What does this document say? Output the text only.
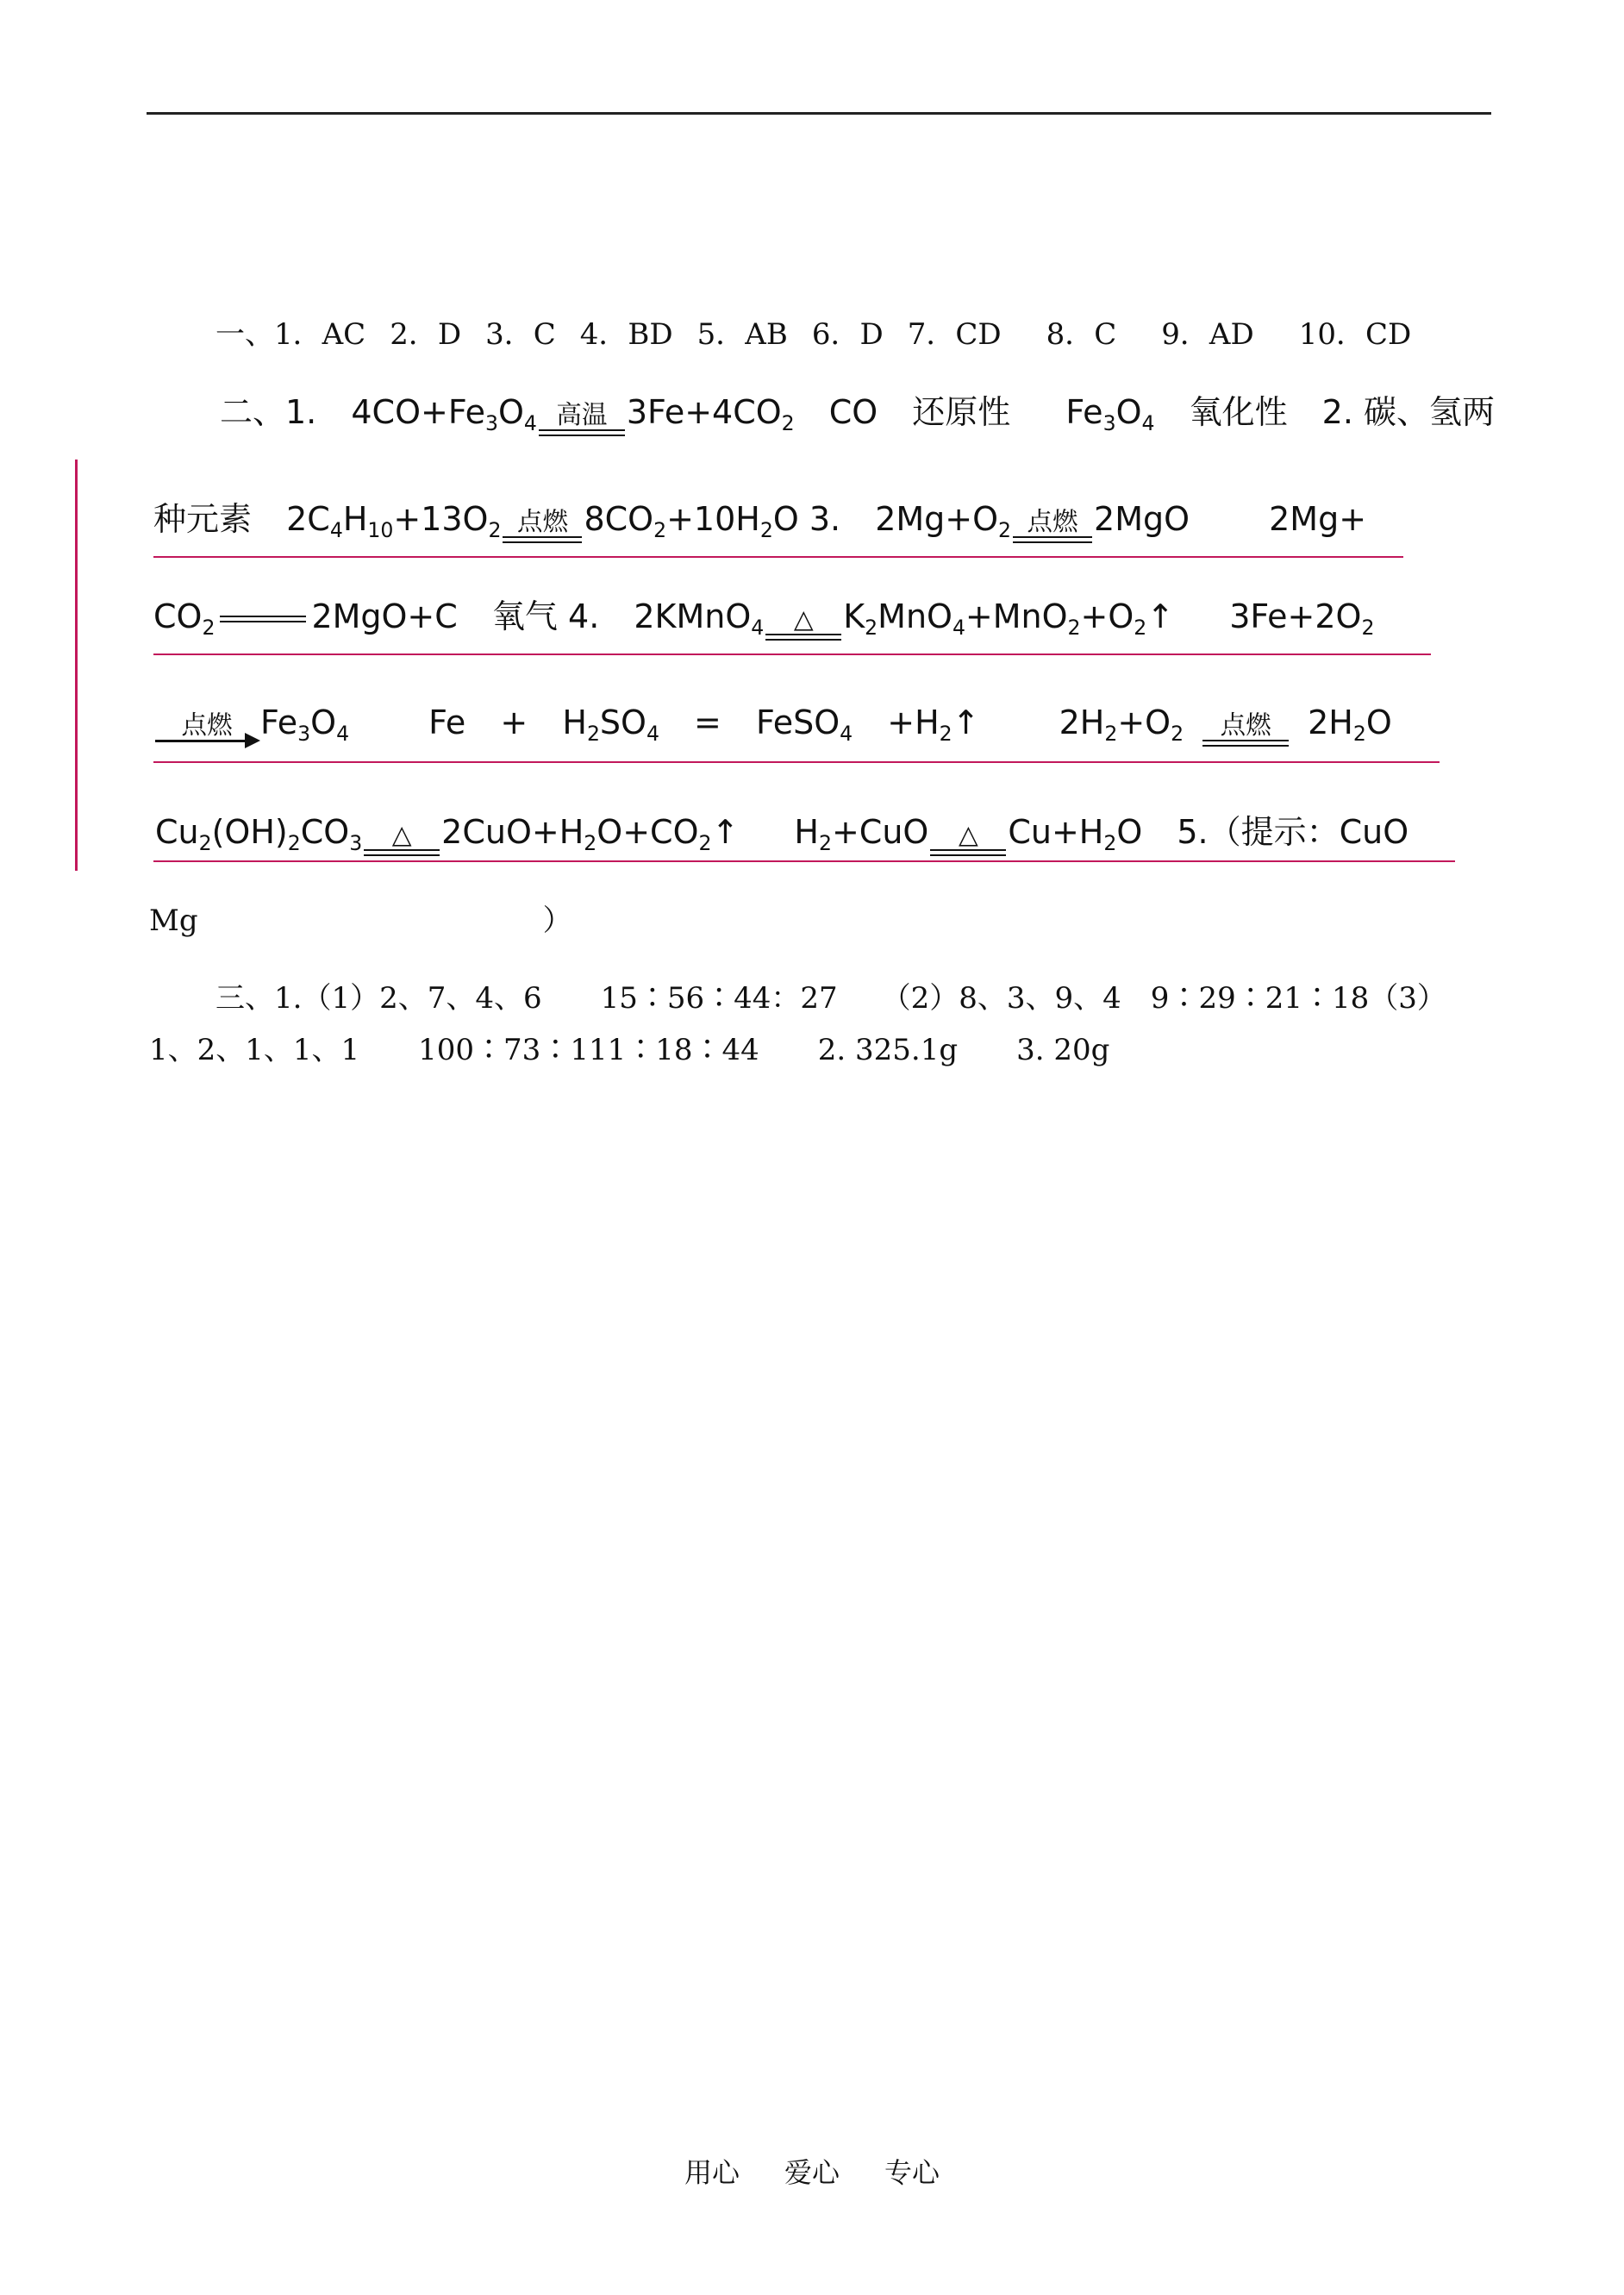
一、1．AC 2．D 3．C 4．BD 5．AB 6．D 7．CD 8．C 9．AD 10．CD
二、1. $4CO+Fe_3O_4$ 高温 $3Fe+4CO_2$ CO 还原性 $Fe_3O_4$ 氧化性 2. 碳、氢两
种元素 $2C_4H_{10}+13O_2$ 点燃 $8CO_2+10H_2O$ 3. $2Mg+O_2$ 点燃 2MgO 2Mg+
$CO_2$	2MgO+C 氧气 4. 2KMnO$_4$	△ $K_2MnO_4+MnO_2+O_2↑$ $3Fe+2O_2$
点燃 $Fe_3O_4$ $Fe + H_2SO_4$ = FeSO$_4$ $+H_2↑$ $2H_2+O_2$	点燃	$2H_2O$
$Cu_2(OH)_2CO_3$	△ $2CuO+H_2O+CO_2↑$ $H_2+CuO$	△ $Cu+H_2O$ 5.（提示：CuO
Mg	）
三、1.（1）2、7、4、6　　15∶56∶44：27　　（2）8、3、9、4　9∶29∶21∶18（3）
1、2、1、1、1　　100∶73∶111∶18∶44　　2. 325.1g　　3. 20g
用心 爱心 专心
